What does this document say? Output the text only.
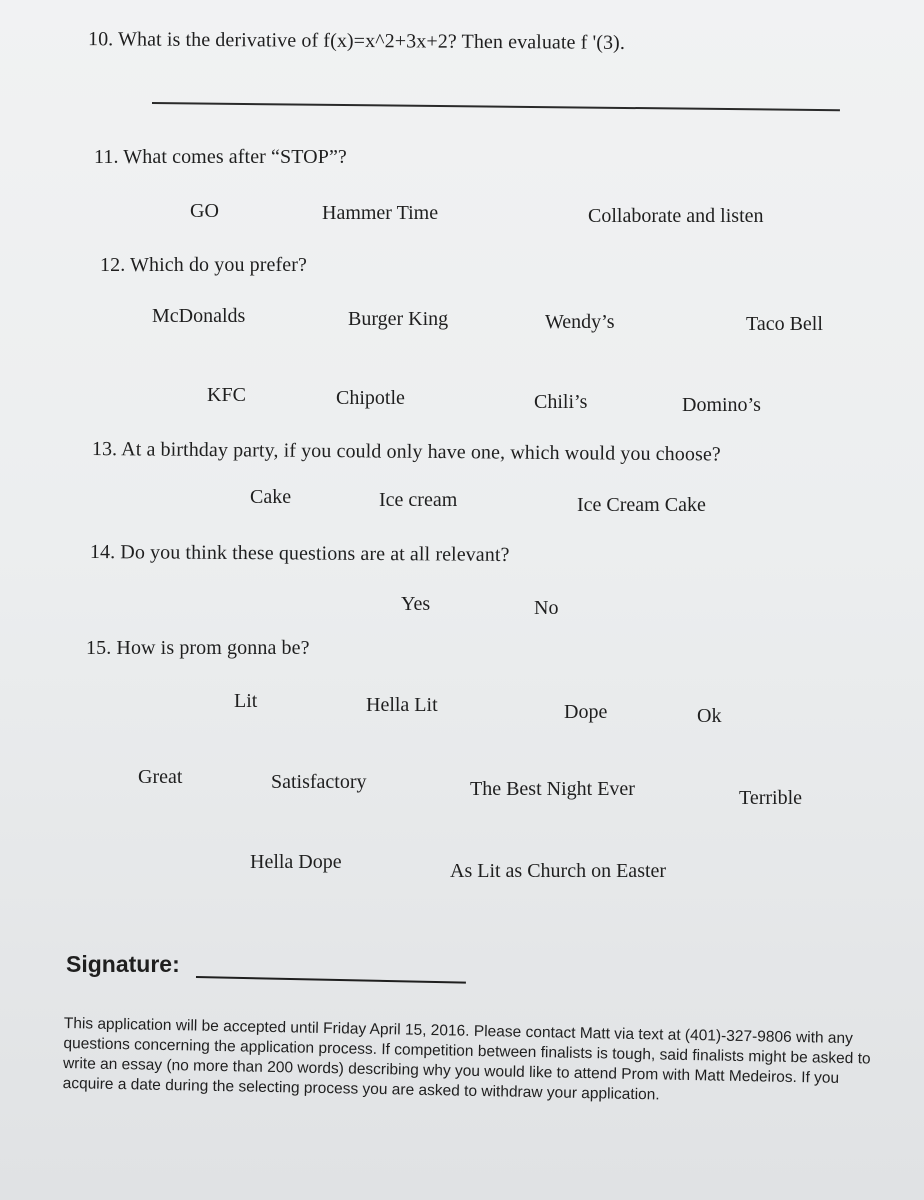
10. What is the derivative of f(x)=x^2+3x+2? Then evaluate f '(3).
11. What comes after “STOP”?
GO	Hammer Time	Collaborate and listen
12. Which do you prefer?
McDonalds	Burger King	Wendy’s	Taco Bell
KFC	Chipotle	Chili’s	Domino’s
13. At a birthday party, if you could only have one, which would you choose?
Cake	Ice cream	Ice Cream Cake
14. Do you think these questions are at all relevant?
Yes	No
15. How is prom gonna be?
Lit	Hella Lit	Dope	Ok
Great	Satisfactory	The Best Night Ever	Terrible
Hella Dope	As Lit as Church on Easter
Signature:
This application will be accepted until Friday April 15, 2016. Please contact Matt via text at (401)-327-9806 with any questions concerning the application process. If competition between finalists is tough, said finalists might be asked to write an essay (no more than 200 words) describing why you would like to attend Prom with Matt Medeiros. If you acquire a date during the selecting process you are asked to withdraw your application.
